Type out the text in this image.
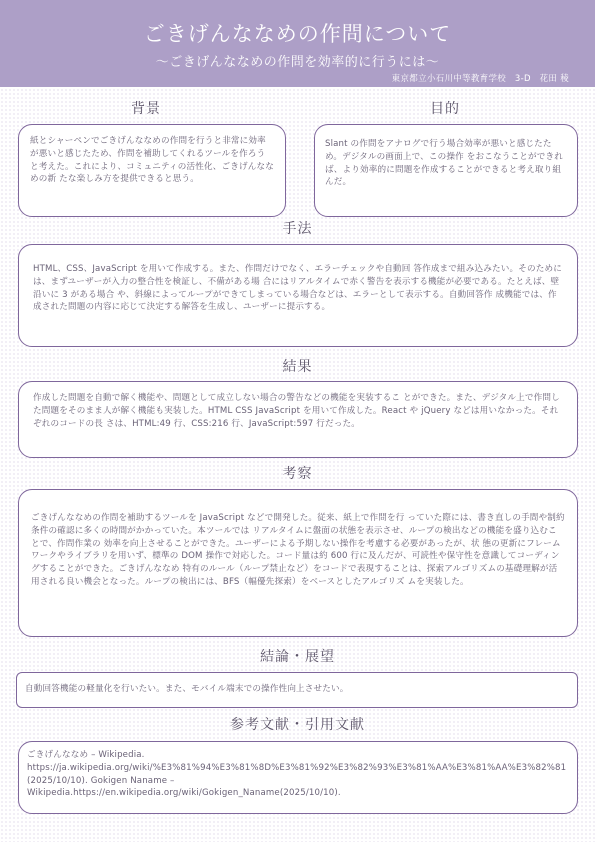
ごきげんななめの作問について
〜ごきげんななめの作問を効率的に行うには〜
東京都立小石川中等教育学校　3-D　花田 稜
背景
紙とシャーペンでごきげんななめの作問を行うと非常に効率が悪いと感じたため、作問を補助してくれるツールを作ろうと考えた。これにより、コミュニティの活性化、ごきげんななめの新 たな楽しみ方を提供できると思う。
目的
Slant の作問をアナログで行う場合効率が悪いと感じたため。デジタルの画面上で、この操作 をおこなうことができれば、より効率的に問題を作成することができると考え取り組んだ。
手法
HTML、CSS、JavaScript を用いて作成する。また、作問だけでなく、エラーチェックや自動回 答作成まで組み込みたい。そのためには、まずユーザーが入力の整合性を検証し、不備がある場 合にはリアルタイムで赤く警告を表示する機能が必要である。たとえば、壁沿いに 3 がある場合 や、斜線によってループができてしまっている場合などは、エラーとして表示する。自動回答作 成機能では、作成された問題の内容に応じて決定する解答を生成し、ユーザーに提示する。
結果
作成した問題を自動で解く機能や、問題として成立しない場合の警告などの機能を実装するこ とができた。また、デジタル上で作問した問題をそのまま人が解く機能も実装した。HTML CSS JavaScript を用いて作成した。React や jQuery などは用いなかった。それぞれのコードの長 さは、HTML:49 行、CSS:216 行、JavaScript:597 行だった。
考察
ごきげんななめの作問を補助するツールを JavaScript などで開発した。従来、紙上で作問を行 っていた際には、書き直しの手間や制約条件の確認に多くの時間がかかっていた。本ツールでは リアルタイムに盤面の状態を表示させ、ループの検出などの機能を盛り込むことで、作問作業の 効率を向上させることができた。ユーザーによる予期しない操作を考慮する必要があったが、状 態の更新にフレームワークやライブラリを用いず、標準の DOM 操作で対応した。コード量は約 600 行に及んだが、可読性や保守性を意識してコーディングすることができた。ごきげんななめ 特有のルール（ループ禁止など）をコードで表現することは、探索アルゴリズムの基礎理解が活 用される良い機会となった。ループの検出には、BFS（幅優先探索）をベースとしたアルゴリズ ムを実装した。
結論・展望
自動回答機能の軽量化を行いたい。また、モバイル端末での操作性向上させたい。
参考文献・引用文献
ごきげんななめ – Wikipedia.
https://ja.wikipedia.org/wiki/%E3%81%94%E3%81%8D%E3%81%92%E3%82%93%E3%81%AA%E3%81%AA%E3%82%81 (2025/10/10). Gokigen Naname –
Wikipedia.https://en.wikipedia.org/wiki/Gokigen_Naname(2025/10/10).
